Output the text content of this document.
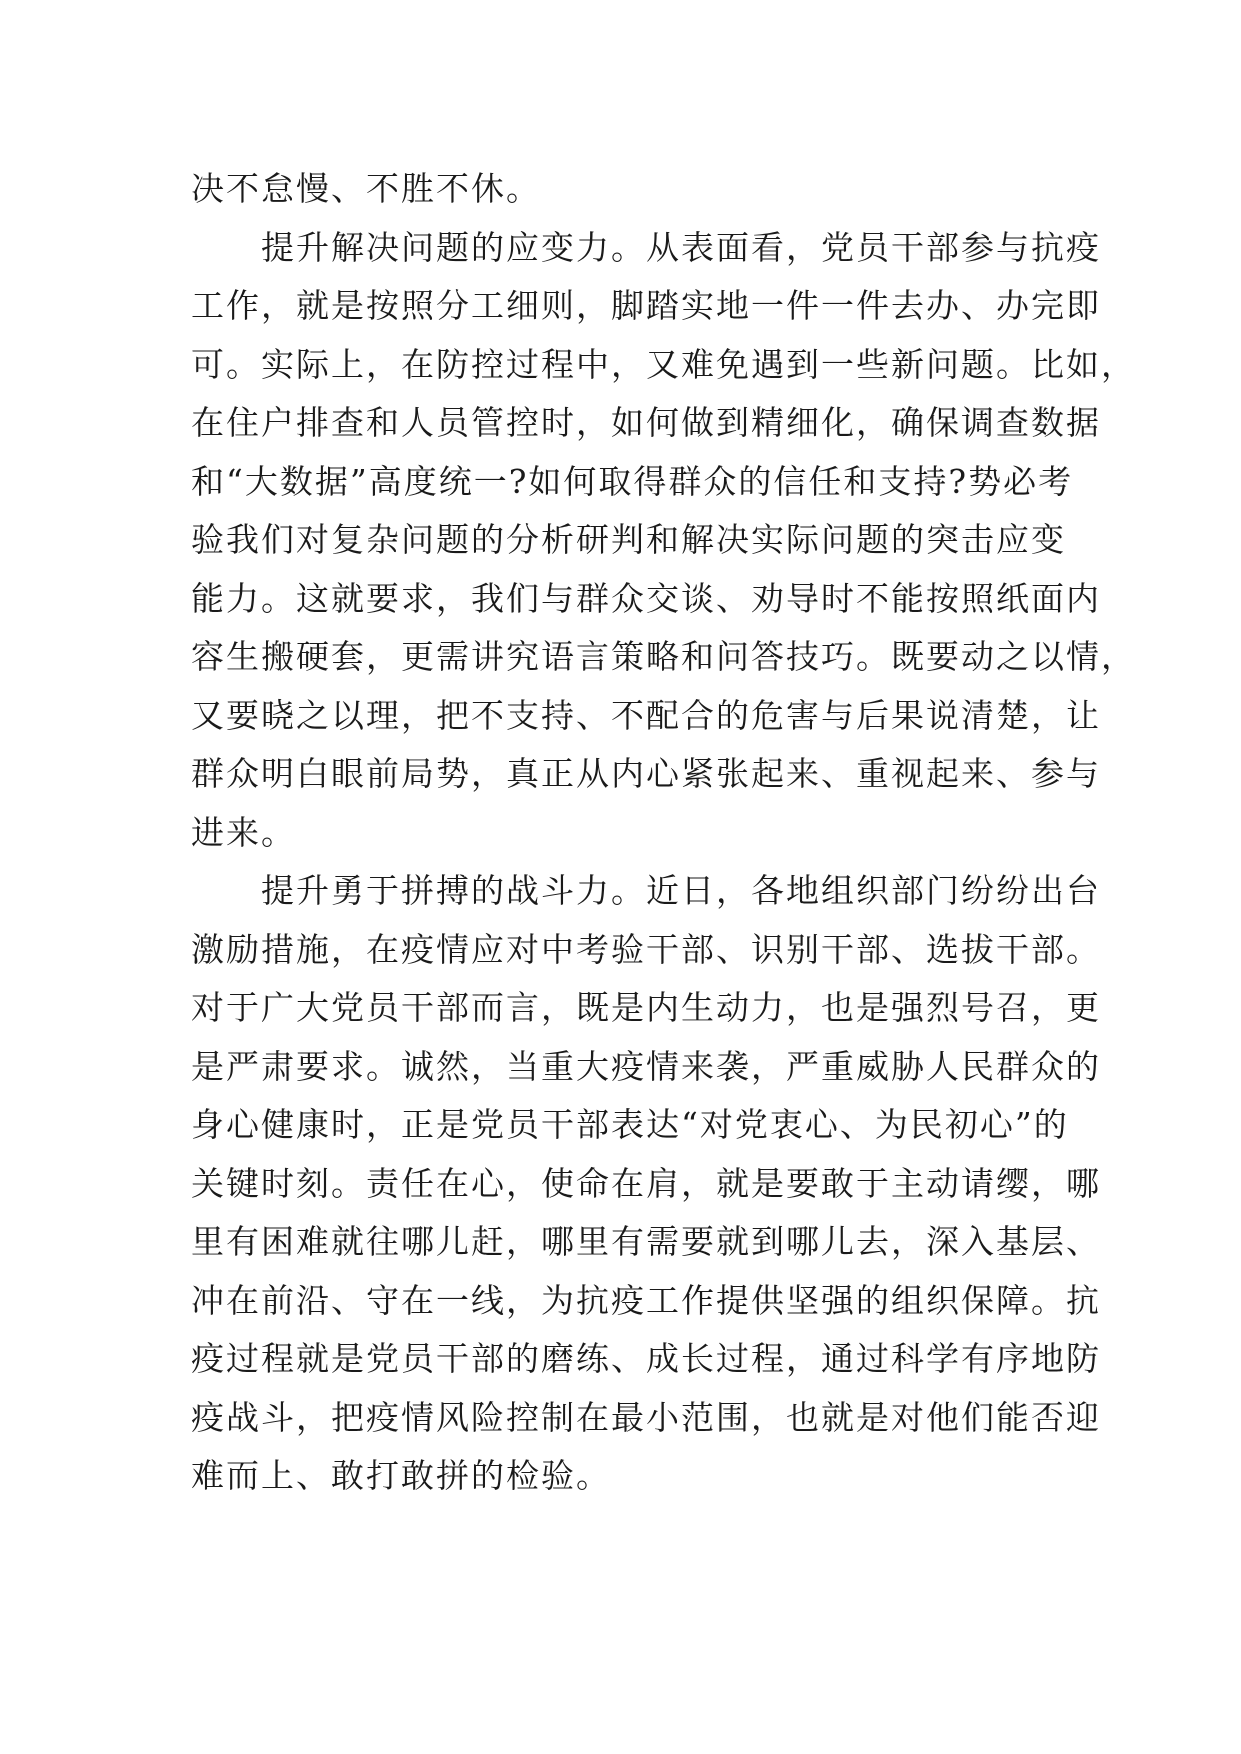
决不怠慢、不胜不休。
提升解决问题的应变力。从表面看，党员干部参与抗疫
工作，就是按照分工细则，脚踏实地一件一件去办、办完即
可。实际上，在防控过程中，又难免遇到一些新问题。比如，
在住户排查和人员管控时，如何做到精细化，确保调查数据
和“大数据”高度统一?如何取得群众的信任和支持?势必考
验我们对复杂问题的分析研判和解决实际问题的突击应变
能力。这就要求，我们与群众交谈、劝导时不能按照纸面内
容生搬硬套，更需讲究语言策略和问答技巧。既要动之以情，
又要晓之以理，把不支持、不配合的危害与后果说清楚，让
群众明白眼前局势，真正从内心紧张起来、重视起来、参与
进来。
提升勇于拼搏的战斗力。近日，各地组织部门纷纷出台
激励措施，在疫情应对中考验干部、识别干部、选拔干部。
对于广大党员干部而言，既是内生动力，也是强烈号召，更
是严肃要求。诚然，当重大疫情来袭，严重威胁人民群众的
身心健康时，正是党员干部表达“对党衷心、为民初心”的
关键时刻。责任在心，使命在肩，就是要敢于主动请缨，哪
里有困难就往哪儿赶，哪里有需要就到哪儿去，深入基层、
冲在前沿、守在一线，为抗疫工作提供坚强的组织保障。抗
疫过程就是党员干部的磨练、成长过程，通过科学有序地防
疫战斗，把疫情风险控制在最小范围，也就是对他们能否迎
难而上、敢打敢拼的检验。
